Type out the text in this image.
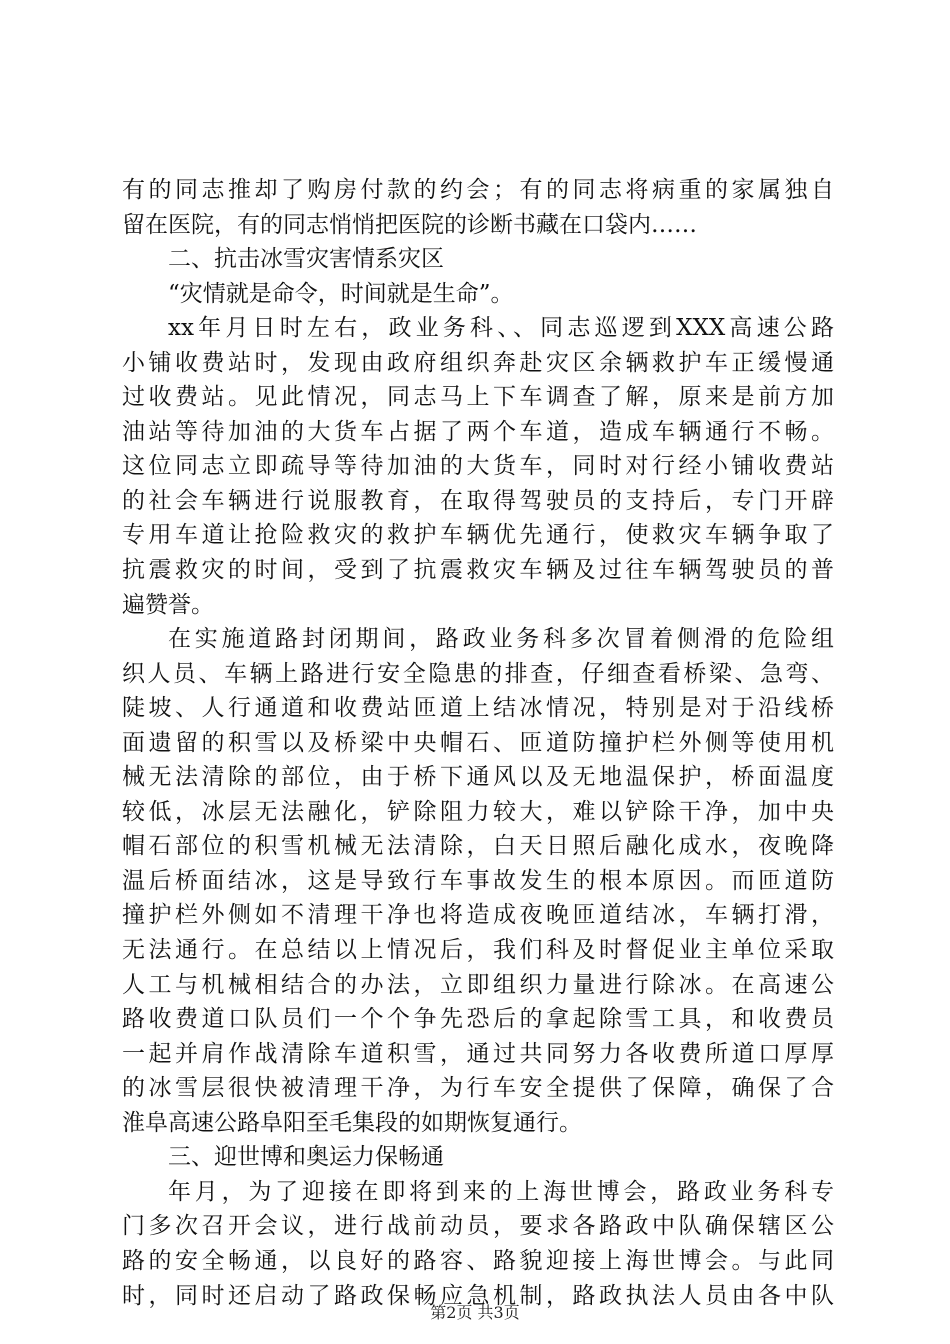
有的同志推却了购房付款的约会；有的同志将病重的家属独自
留在医院，有的同志悄悄把医院的诊断书藏在口袋内……
二、抗击冰雪灾害情系灾区
“灾情就是命令，时间就是生命”。
xx年月日时左右，政业务科、、同志巡逻到XXX高速公路
小铺收费站时，发现由政府组织奔赴灾区余辆救护车正缓慢通
过收费站。见此情况，同志马上下车调查了解，原来是前方加
油站等待加油的大货车占据了两个车道，造成车辆通行不畅。
这位同志立即疏导等待加油的大货车，同时对行经小铺收费站
的社会车辆进行说服教育，在取得驾驶员的支持后，专门开辟
专用车道让抢险救灾的救护车辆优先通行，使救灾车辆争取了
抗震救灾的时间，受到了抗震救灾车辆及过往车辆驾驶员的普
遍赞誉。
在实施道路封闭期间，路政业务科多次冒着侧滑的危险组
织人员、车辆上路进行安全隐患的排查，仔细查看桥梁、急弯、
陡坡、人行通道和收费站匝道上结冰情况，特别是对于沿线桥
面遗留的积雪以及桥梁中央帽石、匝道防撞护栏外侧等使用机
械无法清除的部位，由于桥下通风以及无地温保护，桥面温度
较低，冰层无法融化，铲除阻力较大，难以铲除干净，加中央
帽石部位的积雪机械无法清除，白天日照后融化成水，夜晚降
温后桥面结冰，这是导致行车事故发生的根本原因。而匝道防
撞护栏外侧如不清理干净也将造成夜晚匝道结冰，车辆打滑，
无法通行。在总结以上情况后，我们科及时督促业主单位采取
人工与机械相结合的办法，立即组织力量进行除冰。在高速公
路收费道口队员们一个个争先恐后的拿起除雪工具，和收费员
一起并肩作战清除车道积雪，通过共同努力各收费所道口厚厚
的冰雪层很快被清理干净，为行车安全提供了保障，确保了合
淮阜高速公路阜阳至毛集段的如期恢复通行。
三、迎世博和奥运力保畅通
年月，为了迎接在即将到来的上海世博会，路政业务科专
门多次召开会议，进行战前动员，要求各路政中队确保辖区公
路的安全畅通，以良好的路容、路貌迎接上海世博会。与此同
时，同时还启动了路政保畅应急机制，路政执法人员由各中队
第2页 共3页
